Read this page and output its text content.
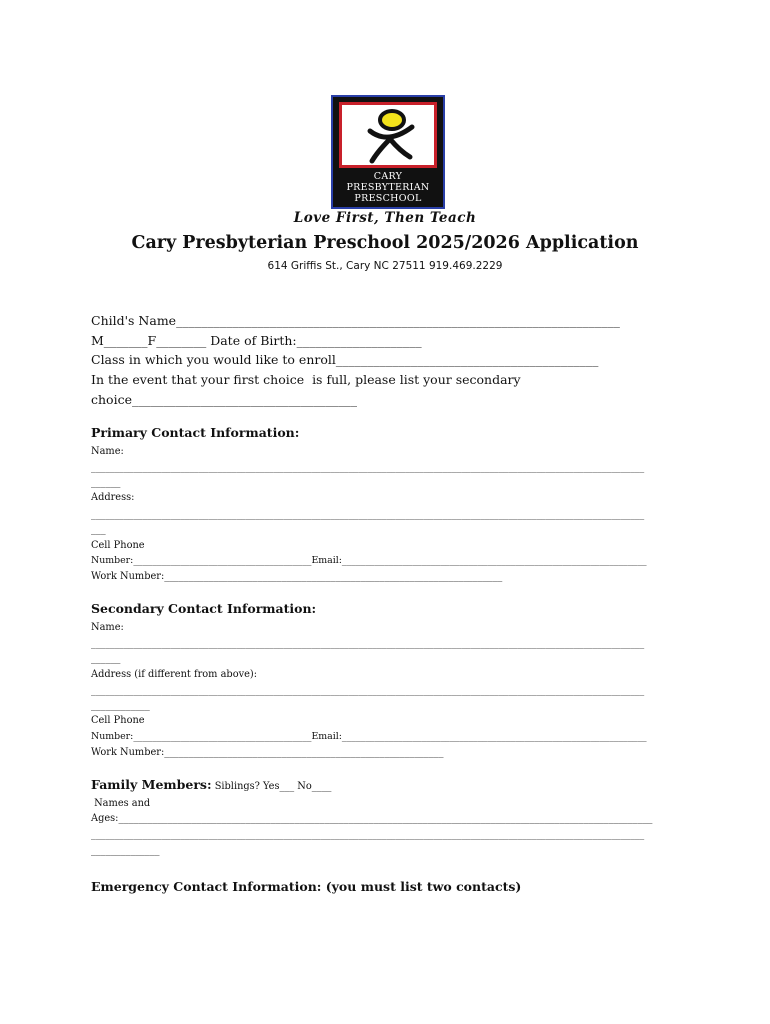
CARY
PRESBYTERIAN
PRESCHOOL
Love First, Then Teach
Cary Presbyterian Preschool 2025/2026 Application
614 Griffis St., Cary NC 27511 919.469.2229
Child's Name_______________________________________________________________________
M_______F________ Date of Birth:____________________
Class in which you would like to enroll__________________________________________
In the event that your first choice  is full, please list your secondary
choice____________________________________
Primary Contact Information:
Name:
______________________________________________________________________________________________________________________
______
Address:
______________________________________________________________________________________________________________________
___
Cell Phone
Number:______________________________________Email:_________________________________________________________________
Work Number:_____________________________________________________________________
Secondary Contact Information:
Name:
______________________________________________________________________________________________________________________
______
Address (if different from above):
______________________________________________________________________________________________________________________
____________
Cell Phone
Number:______________________________________Email:_________________________________________________________________
Work Number:_________________________________________________________
Family Members: Siblings? Yes___ No____
Names and
Ages:_____________________________________________________________________________________________________________
______________________________________________________________________________________________________________________
______________
Emergency Contact Information: (you must list two contacts)
